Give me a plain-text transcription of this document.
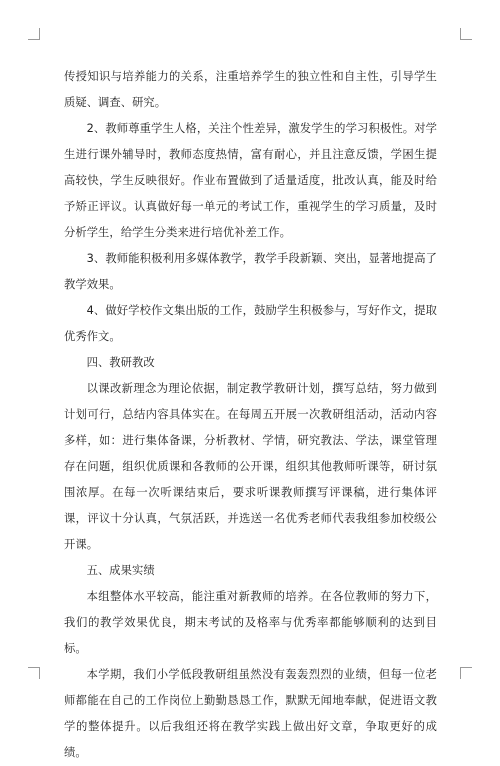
传授知识与培养能力的关系，注重培养学生的独立性和自主性，引导学生质疑、调查、研究。

2、教师尊重学生人格，关注个性差异，激发学生的学习积极性。对学生进行课外辅导时，教师态度热情，富有耐心，并且注意反馈，学困生提高较快，学生反映很好。作业布置做到了适量适度，批改认真，能及时给予矫正评议。认真做好每一单元的考试工作，重视学生的学习质量，及时分析学生，给学生分类来进行培优补差工作。

3、教师能积极利用多媒体教学，教学手段新颖、突出，显著地提高了教学效果。

4、做好学校作文集出版的工作，鼓励学生积极参与，写好作文，提取优秀作文。

四、教研教改

以课改新理念为理论依据，制定教学教研计划，撰写总结，努力做到计划可行，总结内容具体实在。在每周五开展一次教研组活动，活动内容多样，如：进行集体备课，分析教材、学情，研究教法、学法，课堂管理存在问题，组织优质课和各教师的公开课，组织其他教师听课等，研讨氛围浓厚。在每一次听课结束后，要求听课教师撰写评课稿，进行集体评课，评议十分认真，气氛活跃，并选送一名优秀老师代表我组参加校级公开课。

五、成果实绩

本组整体水平较高，能注重对新教师的培养。在各位教师的努力下，我们的教学效果优良，期末考试的及格率与优秀率都能够顺利的达到目标。

本学期，我们小学低段教研组虽然没有轰轰烈烈的业绩，但每一位老师都能在自己的工作岗位上勤勤恳恳工作，默默无闻地奉献，促进语文教学的整体提升。以后我组还将在教学实践上做出好文章，争取更好的成绩。
